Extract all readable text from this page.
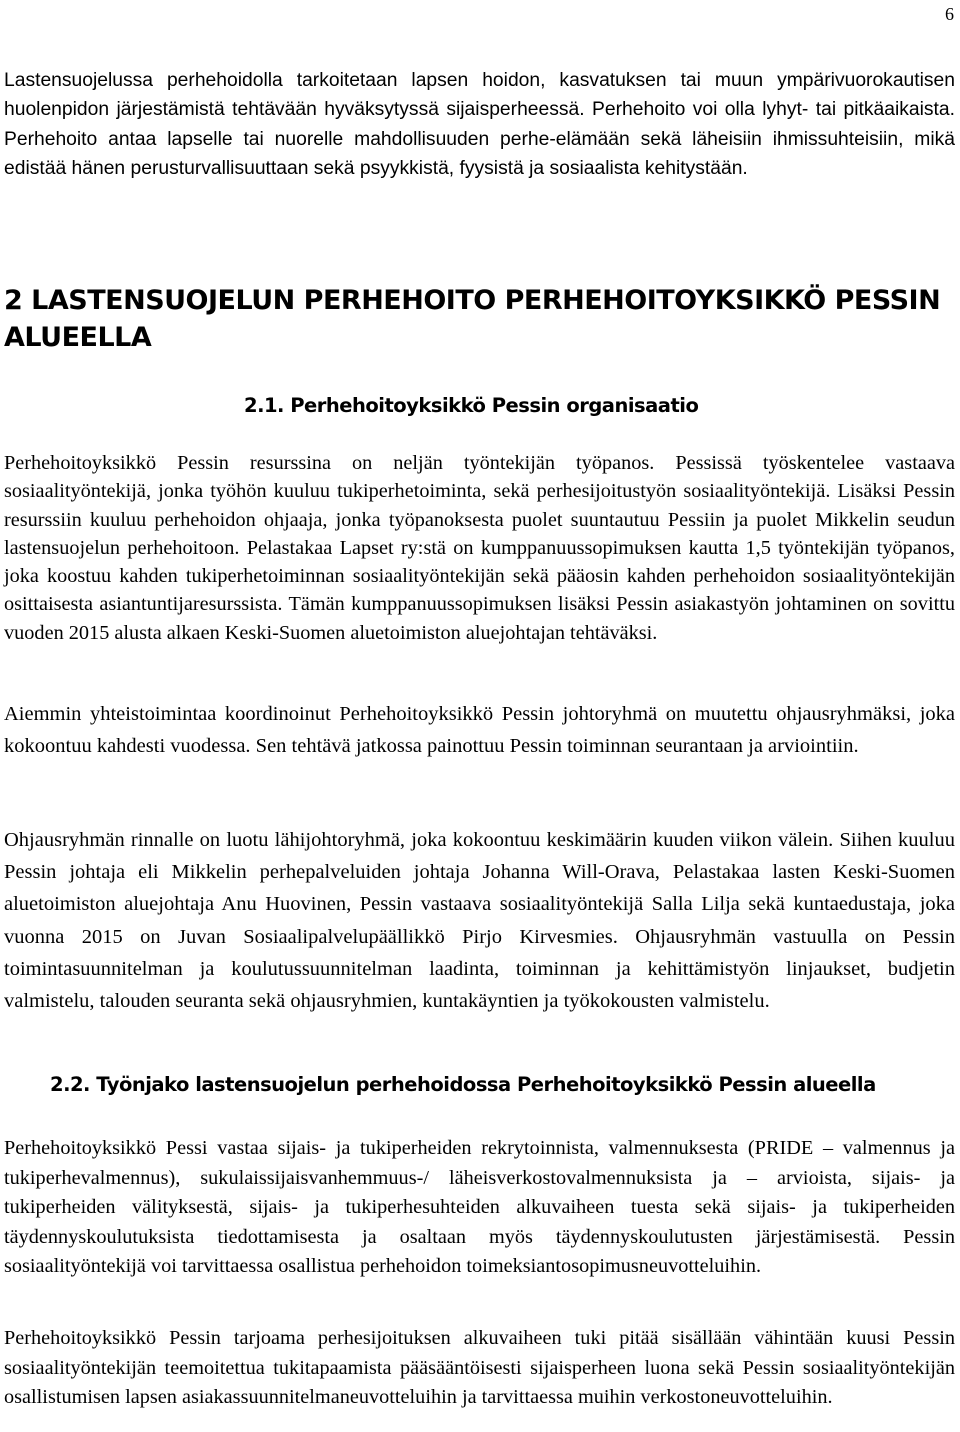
6

Lastensuojelussa perhehoidolla tarkoitetaan lapsen hoidon, kasvatuksen tai muun ympärivuorokautisen huolenpidon järjestämistä tehtävään hyväksytyssä sijaisperheessä. Perhehoito voi olla lyhyt- tai pitkäaikaista. Perhehoito antaa lapselle tai nuorelle mahdollisuuden perhe-elämään sekä läheisiin ihmissuhteisiin, mikä edistää hänen perusturvallisuuttaan sekä psyykkistä, fyysistä ja sosiaalista kehitystään.

2 LASTENSUOJELUN PERHEHOITO PERHEHOITOYKSIKKÖ PESSIN ALUEELLA
2.1. Perhehoitoyksikkö Pessin organisaatio

Perhehoitoyksikkö Pessin resurssina on neljän työntekijän työpanos. Pessissä työskentelee vastaava sosiaalityöntekijä, jonka työhön kuuluu tukiperhetoiminta, sekä perhesijoitustyön sosiaalityöntekijä. Lisäksi Pessin resurssiin kuuluu perhehoidon ohjaaja, jonka työpanoksesta puolet suuntautuu Pessiin ja puolet Mikkelin seudun lastensuojelun perhehoitoon. Pelastakaa Lapset ry:stä on kumppanuussopimuksen kautta 1,5 työntekijän työpanos, joka koostuu kahden tukiperhetoiminnan sosiaalityöntekijän sekä pääosin kahden perhehoidon sosiaalityöntekijän osittaisesta asiantuntijaresurssista. Tämän kumppanuussopimuksen lisäksi Pessin asiakastyön johtaminen on sovittu vuoden 2015 alusta alkaen Keski-Suomen aluetoimiston aluejohtajan tehtäväksi.

Aiemmin yhteistoimintaa koordinoinut Perhehoitoyksikkö Pessin johtoryhmä on muutettu ohjausryhmäksi, joka kokoontuu kahdesti vuodessa. Sen tehtävä jatkossa painottuu Pessin toiminnan seurantaan ja arviointiin.

Ohjausryhmän rinnalle on luotu lähijohtoryhmä, joka kokoontuu keskimäärin kuuden viikon välein. Siihen kuuluu Pessin johtaja eli Mikkelin perhepalveluiden johtaja Johanna Will-Orava, Pelastakaa lasten Keski-Suomen aluetoimiston aluejohtaja Anu Huovinen, Pessin vastaava sosiaalityöntekijä Salla Lilja sekä kuntaedustaja, joka vuonna 2015 on Juvan Sosiaalipalvelupäällikkö Pirjo Kirvesmies. Ohjausryhmän vastuulla on Pessin toimintasuunnitelman ja koulutussuunnitelman laadinta, toiminnan ja kehittämistyön linjaukset, budjetin valmistelu, talouden seuranta sekä ohjausryhmien, kuntakäyntien ja työkokousten valmistelu.

2.2. Työnjako lastensuojelun perhehoidossa Perhehoitoyksikkö Pessin alueella

Perhehoitoyksikkö Pessi vastaa sijais- ja tukiperheiden rekrytoinnista, valmennuksesta (PRIDE – valmennus ja tukiperhevalmennus), sukulaissijaisvanhemmuus-/ läheisverkostovalmennuksista ja – arvioista, sijais- ja tukiperheiden välityksestä, sijais- ja tukiperhesuhteiden alkuvaiheen tuesta sekä sijais- ja tukiperheiden täydennyskoulutuksista tiedottamisesta ja osaltaan myös täydennyskoulutusten järjestämisestä. Pessin sosiaalityöntekijä voi tarvittaessa osallistua perhehoidon toimeksiantosopimusneuvotteluihin.

Perhehoitoyksikkö Pessin tarjoama perhesijoituksen alkuvaiheen tuki pitää sisällään vähintään kuusi Pessin sosiaalityöntekijän teemoitettua tukitapaamista pääsääntöisesti sijaisperheen luona sekä Pessin sosiaalityöntekijän osallistumisen lapsen asiakassuunnitelmaneuvotteluihin ja tarvittaessa muihin verkostoneuvotteluihin.
